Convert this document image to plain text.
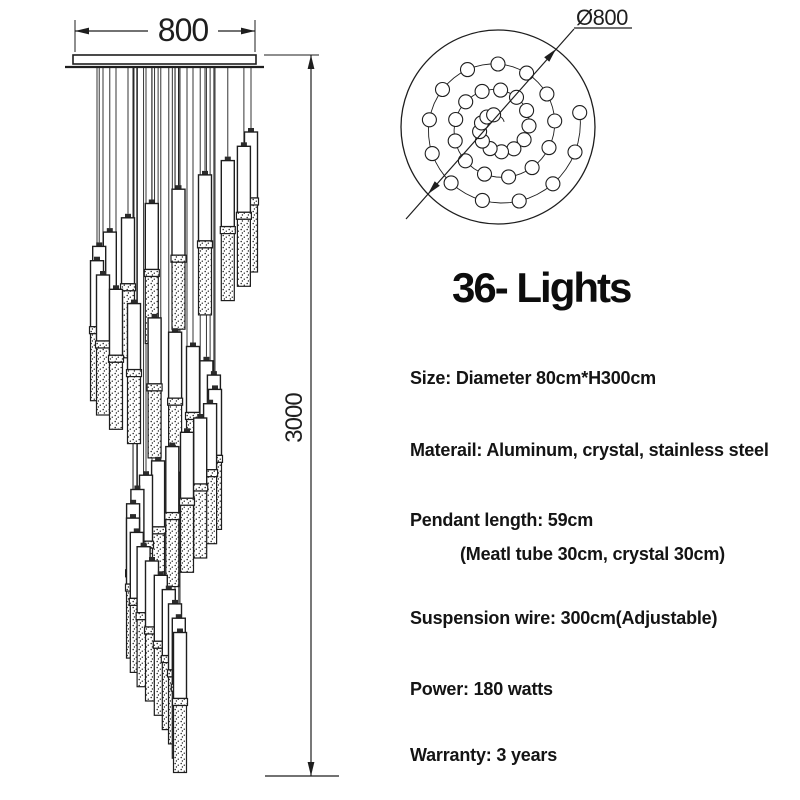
800
3000
Ø800
36- Lights
Size: Diameter 80cm*H300cm
Materail: Aluminum, crystal, stainless steel
Pendant length: 59cm
(Meatl tube 30cm, crystal 30cm)
Suspension wire: 300cm(Adjustable)
Power: 180 watts
Warranty: 3 years
